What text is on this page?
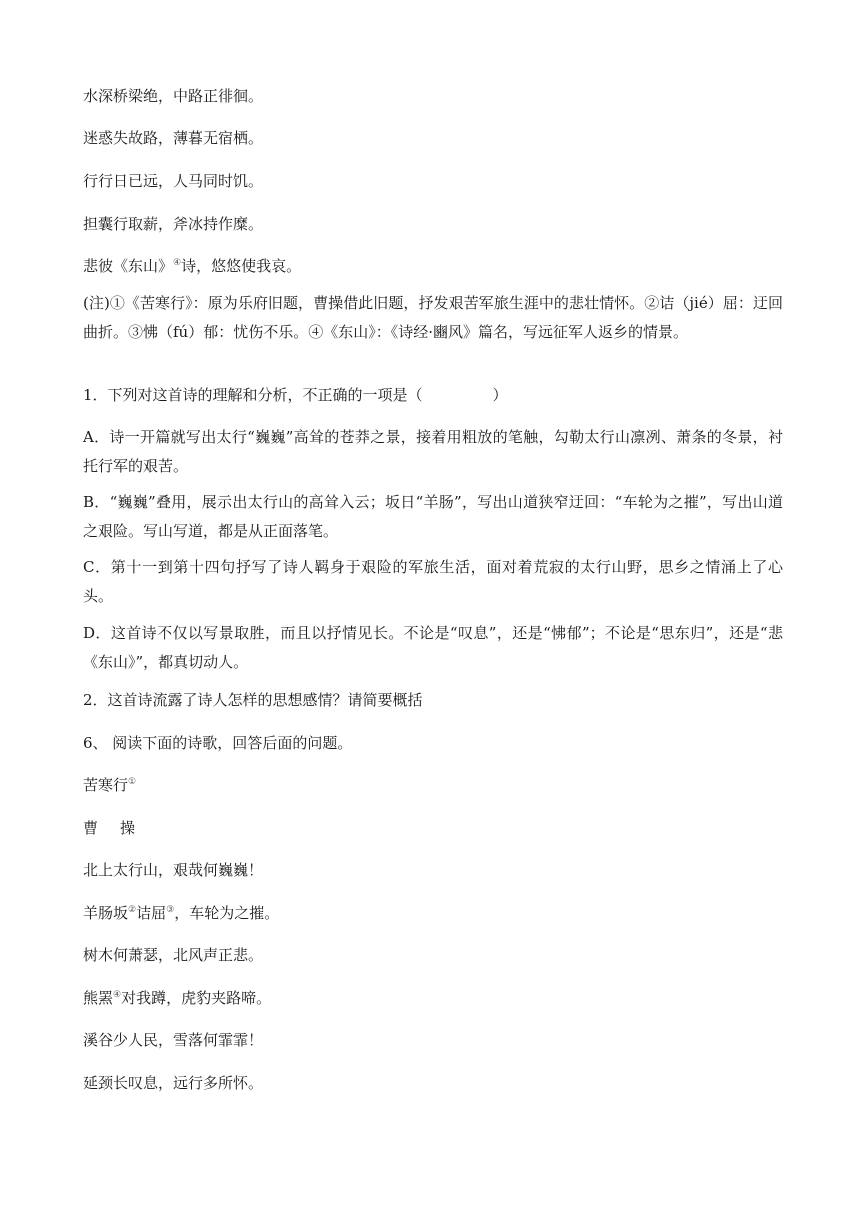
水深桥梁绝，中路正徘徊。
迷惑失故路，薄暮无宿栖。
行行日已远，人马同时饥。
担囊行取薪，斧冰持作糜。
悲彼《东山》④诗，悠悠使我哀。
(注)①《苦寒行》：原为乐府旧题，曹操借此旧题，抒发艰苦军旅生涯中的悲壮情怀。②诘（jié）屈：迂回曲折。③怫（fú）郁：忧伤不乐。④《东山》：《诗经·豳风》篇名，写远征军人返乡的情景。
1．下列对这首诗的理解和分析，不正确的一项是（	）
A．诗一开篇就写出太行“巍巍”高耸的苍莽之景，接着用粗放的笔触，勾勒太行山凛冽、萧条的冬景，衬托行军的艰苦。
B．“巍巍”叠用，展示出太行山的高耸入云；坂日“羊肠”，写出山道狭窄迂回：“车轮为之摧”，写出山道之艰险。写山写道，都是从正面落笔。
C．第十一到第十四句抒写了诗人羁身于艰险的军旅生活，面对着荒寂的太行山野，思乡之情涌上了心头。
D．这首诗不仅以写景取胜，而且以抒情见长。不论是“叹息”，还是“怫郁”；不论是“思东归”，还是“悲《东山》”，都真切动人。
2．这首诗流露了诗人怎样的思想感情？请简要概括
6、 阅读下面的诗歌，回答后面的问题。
苦寒行①
曹 操
北上太行山，艰哉何巍巍！
羊肠坂②诘屈③，车轮为之摧。
树木何萧瑟，北风声正悲。
熊罴④对我蹲，虎豹夹路啼。
溪谷少人民，雪落何霏霏！
延颈长叹息，远行多所怀。
